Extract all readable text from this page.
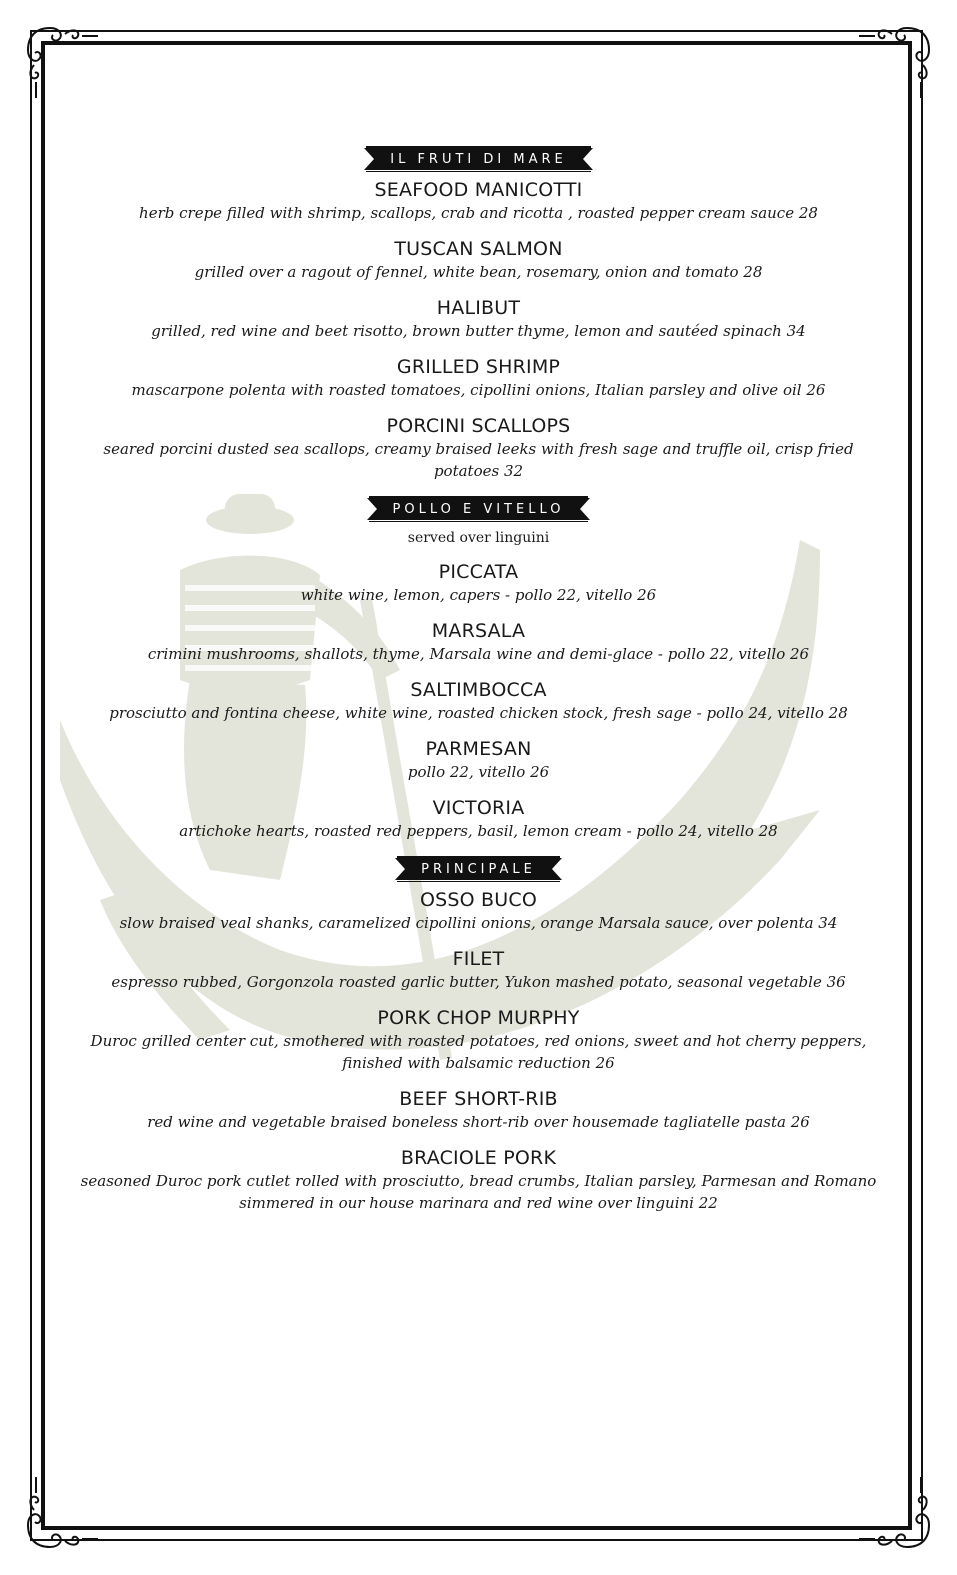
IL FRUTI DI MARE
SEAFOOD MANICOTTI
herb crepe filled with shrimp, scallops, crab and ricotta , roasted pepper cream sauce 28
TUSCAN SALMON
grilled over a ragout of fennel, white bean, rosemary, onion and tomato 28
HALIBUT
grilled, red wine and beet risotto, brown butter thyme, lemon and sautéed spinach 34
GRILLED SHRIMP
mascarpone polenta with roasted tomatoes, cipollini onions, Italian parsley and olive oil 26
PORCINI SCALLOPS
seared porcini dusted sea scallops, creamy braised leeks with fresh sage and truffle oil, crisp fried potatoes 32
POLLO E VITELLO
served over linguini
PICCATA
white wine, lemon, capers - pollo 22, vitello 26
MARSALA
crimini mushrooms, shallots, thyme, Marsala wine and demi-glace - pollo 22, vitello 26
SALTIMBOCCA
prosciutto and fontina cheese, white wine, roasted chicken stock, fresh sage - pollo 24, vitello 28
PARMESAN
pollo 22, vitello 26
VICTORIA
artichoke hearts, roasted red peppers, basil, lemon cream - pollo 24, vitello 28
PRINCIPALE
OSSO BUCO
slow braised veal shanks, caramelized cipollini onions, orange Marsala sauce, over polenta 34
FILET
espresso rubbed, Gorgonzola roasted garlic butter, Yukon mashed potato, seasonal vegetable 36
PORK CHOP MURPHY
Duroc grilled center cut, smothered with roasted potatoes, red onions, sweet and hot cherry peppers, finished with balsamic reduction 26
BEEF SHORT-RIB
red wine and vegetable braised boneless short-rib over housemade tagliatelle pasta 26
BRACIOLE PORK
seasoned Duroc pork cutlet rolled with prosciutto, bread crumbs, Italian parsley, Parmesan and Romano simmered in our house marinara and red wine over linguini 22
